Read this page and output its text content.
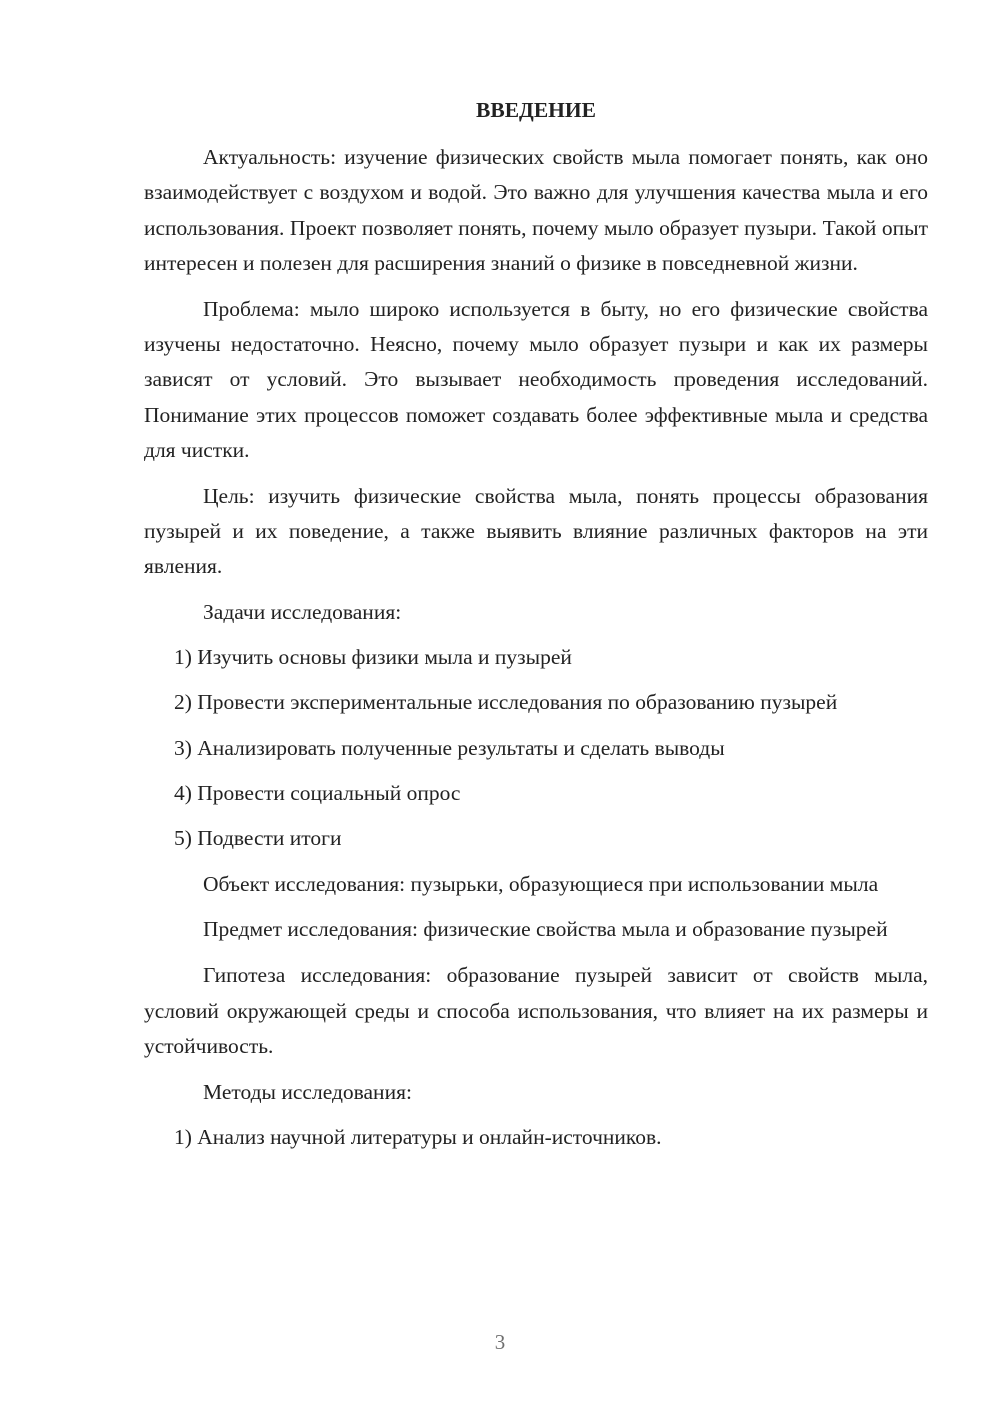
ВВЕДЕНИЕ

Актуальность: изучение физических свойств мыла помогает понять, как оно взаимодействует с воздухом и водой. Это важно для улучшения качества мыла и его использования. Проект позволяет понять, почему мыло образует пузыри. Такой опыт интересен и полезен для расширения знаний о физике в повседневной жизни.

Проблема: мыло широко используется в быту, но его физические свойства изучены недостаточно. Неясно, почему мыло образует пузыри и как их размеры зависят от условий. Это вызывает необходимость проведения исследований. Понимание этих процессов поможет создавать более эффективные мыла и средства для чистки.

Цель: изучить физические свойства мыла, понять процессы образования пузырей и их поведение, а также выявить влияние различных факторов на эти явления.

Задачи исследования:

1) Изучить основы физики мыла и пузырей

2) Провести экспериментальные исследования по образованию пузырей

3) Анализировать полученные результаты и сделать выводы

4) Провести социальный опрос

5) Подвести итоги

Объект исследования: пузырьки, образующиеся при использовании мыла

Предмет исследования: физические свойства мыла и образование пузырей

Гипотеза исследования: образование пузырей зависит от свойств мыла, условий окружающей среды и способа использования, что влияет на их размеры и устойчивость.

Методы исследования:

1) Анализ научной литературы и онлайн-источников.

3
